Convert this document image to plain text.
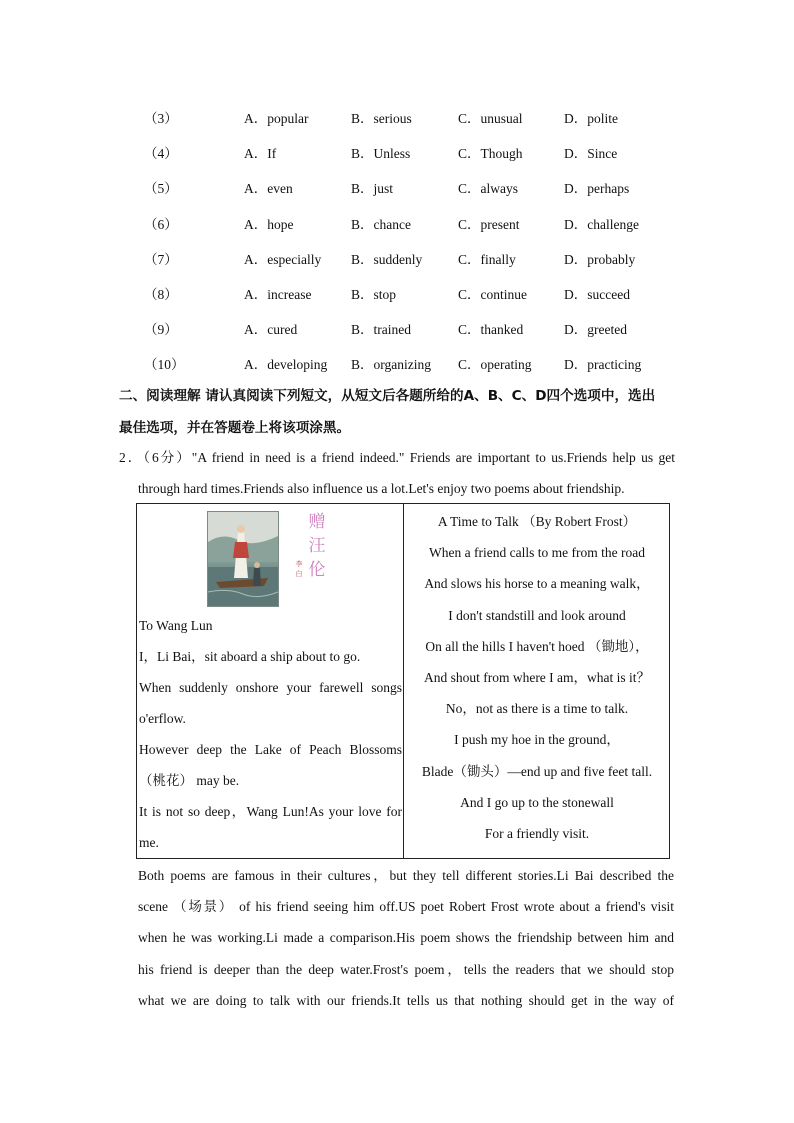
（3）	A．popular	B．serious	C．unusual	D．polite
（4）	A．If	B．Unless	C．Though	D．Since
（5）	A．even	B．just	C．always	D．perhaps
（6）	A．hope	B．chance	C．present	D．challenge
（7）	A．especially B．suddenly	C．finally	D．probably
（8）	A．increase	B．stop	C．continue	D．succeed
（9）	A．cured	B．trained	C．thanked	D．greeted
（10）	A．developing B．organizing C．operating D．practicing
二、阅读理解 请认真阅读下列短文，从短文后各题所给的A、B、C、D四个选项中，选出
最佳选项，并在答题卷上将该项涂黑。
2．（6分）"A friend in need is a friend indeed." Friends are important to us.Friends help us get
through hard times.Friends also influence us a lot.Let's enjoy two poems about friendship.
赠
汪
伦
李
白
To Wang Lun
I，Li Bai，sit aboard a ship about to go.
When suddenly onshore your farewell songs
o'erflow.
However deep the Lake of Peach Blossoms
（桃花） may be.
It is not so deep，Wang Lun!As your love for
me.
A Time to Talk （By Robert Frost）
When a friend calls to me from the road
And slows his horse to a meaning walk，
I don't standstill and look around
On all the hills I haven't hoed （锄地），
And shout from where I am，what is it？
No，not as there is a time to talk.
I push my hoe in the ground，
Blade（锄头）—end up and five feet tall.
And I go up to the stonewall
For a friendly visit.
Both poems are famous in their cultures，but they tell different stories.Li Bai described the
scene （场景） of his friend seeing him off.US poet Robert Frost wrote about a friend's visit
when he was working.Li made a comparison.His poem shows the friendship between him and
his friend is deeper than the deep water.Frost's poem，tells the readers that we should stop
what we are doing to talk with our friends.It tells us that nothing should get in the way of
